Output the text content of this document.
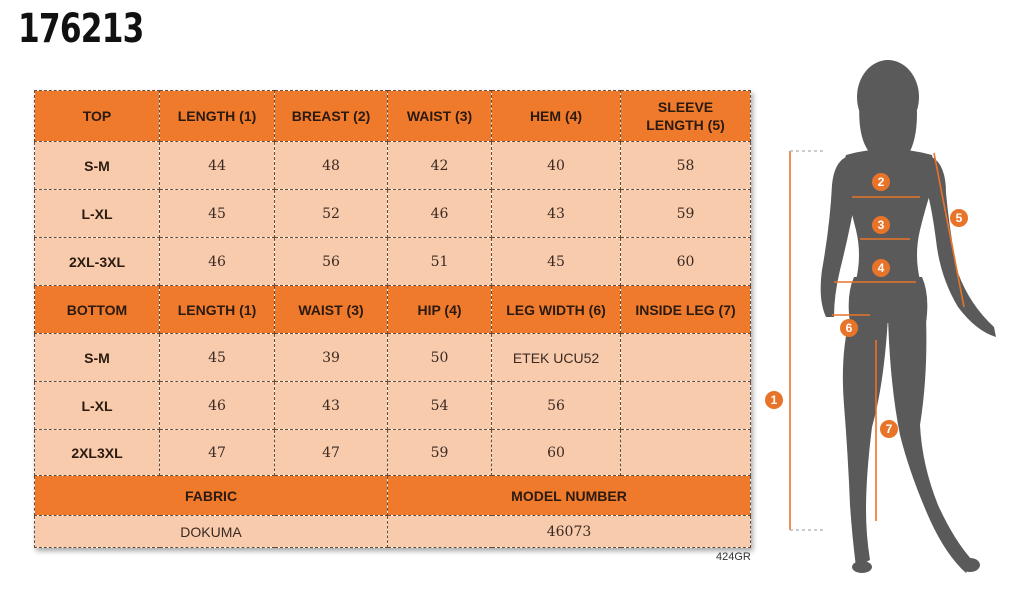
176213
TOP	LENGTH (1)	BREAST (2)	WAIST (3)	HEM (4)	SLEEVE
LENGTH (5)
S-M	44	48	42	40	58
L-XL	45	52	46	43	59
2XL-3XL	46	56	51	45	60
BOTTOM	LENGTH (1)	WAIST (3)	HIP (4)	LEG WIDTH (6)	INSIDE LEG (7)
S-M	45	39	50	ETEK UCU52	
L-XL	46	43	54	56	
2XL3XL	47	47	59	60	
FABRIC			MODEL NUMBER		
DOKUMA			46073		
424GR
1
2
3
4
5
6
7
